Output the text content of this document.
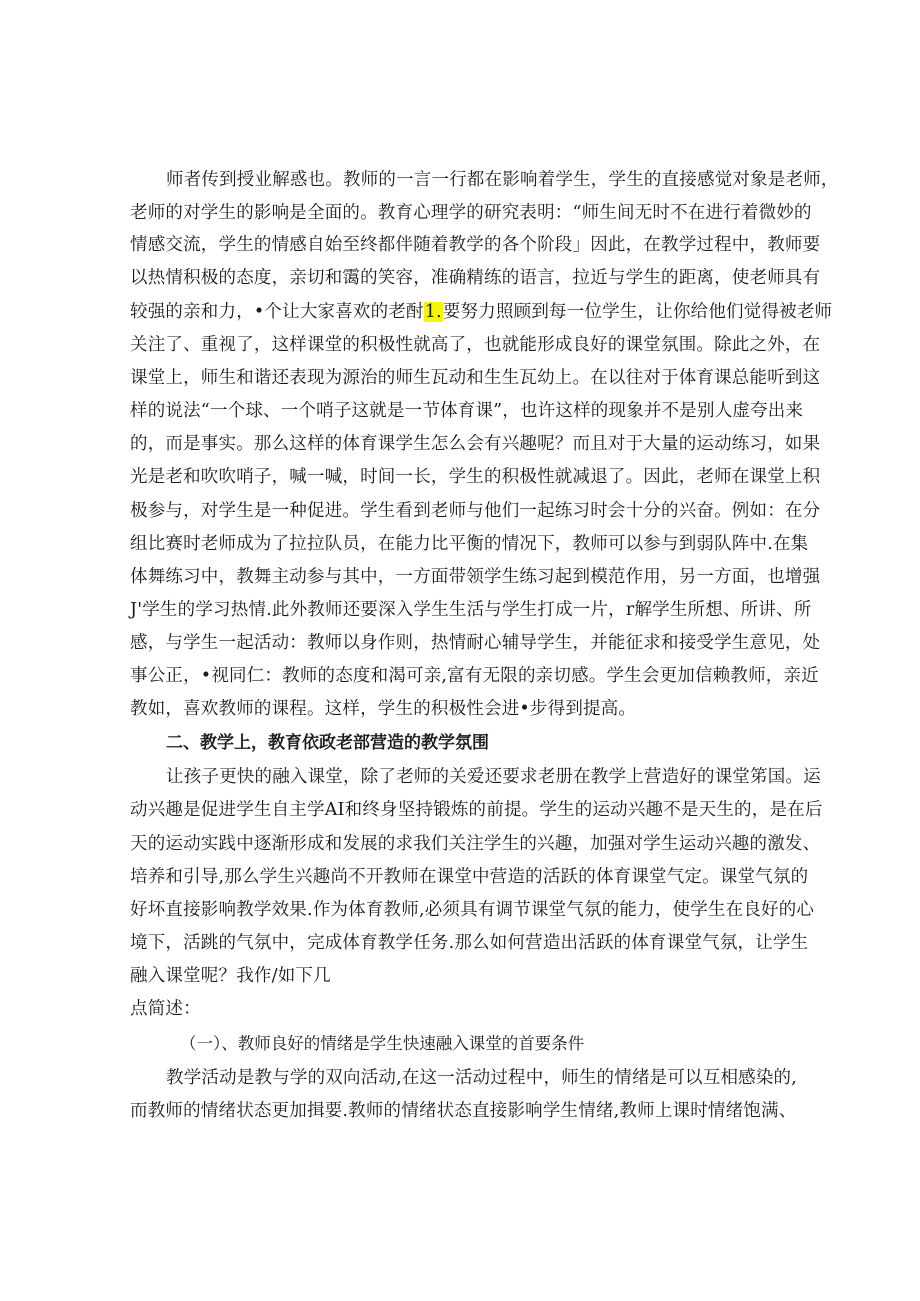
师者传到授业解惑也。教师的一言一行都在影响着学生，学生的直接感觉对象是老师，
老师的对学生的影响是全面的。教育心理学的研究表明：“师生间无时不在进行着微妙的
情感交流，学生的情感自始至终都伴随着教学的各个阶段」因此，在教学过程中，教师要
以热情积极的态度，亲切和霭的笑容，准确精练的语言，拉近与学生的距离，使老师具有
较强的亲和力，•个让大家喜欢的老酎1.要努力照顾到每一位学生，让你给他们觉得被老师
关注了、重视了，这样课堂的积极性就高了，也就能形成良好的课堂氛围。除此之外，在
课堂上，师生和谐还表现为源治的师生瓦动和生生瓦幼上。在以往对于体育课总能听到这
样的说法“一个球、一个哨子这就是一节体育课”，也许这样的现象并不是别人虚夸出来
的，而是事实。那么这样的体育课学生怎么会有兴趣呢？而且对于大量的运动练习，如果
光是老和吹吹哨子，喊一喊，时间一长，学生的积极性就减退了。因此，老师在课堂上积
极参与，对学生是一种促进。学生看到老师与他们一起练习时会十分的兴奋。例如：在分
组比赛时老师成为了拉拉队员，在能力比平衡的情况下，教师可以参与到弱队阵中.在集
体舞练习中，教舞主动参与其中，一方面带领学生练习起到模范作用，另一方面，也增强
J'学生的学习热情.此外教师还要深入学生生活与学生打成一片，r解学生所想、所讲、所
感，与学生一起活动：教师以身作则，热情耐心辅导学生，并能征求和接受学生意见，处
事公正，•视同仁：教师的态度和渴可亲,富有无限的亲切感。学生会更加信赖教师，亲近
教如，喜欢教师的课程。这样，学生的积极性会进•步得到提高。
二、教学上，教育依政老部营造的教学氛围
让孩子更快的融入课堂，除了老师的关爱还要求老册在教学上营造好的课堂笫国。运
动兴趣是促进学生自主学AI和终身坚持锻炼的前提。学生的运动兴趣不是天生的，是在后
天的运动实践中逐渐形成和发展的求我们关注学生的兴趣，加强对学生运动兴趣的激发、
培养和引导,那么学生兴趣尚不开教师在课堂中营造的活跃的体育课堂气定。课堂气氛的
好坏直接影响教学效果.作为体育教师,必须具有调节课堂气氛的能力，使学生在良好的心
境下，活跳的气氛中，完成体育教学任务.那么如何营造出活跃的体育课堂气氛，让学生
融入课堂呢？我作/如下几
点简述：
（一）、教师良好的情绪是学生快速融入课堂的首要条件
教学活动是教与学的双向活动,在这一活动过程中，师生的情绪是可以互相感染的,
而教师的情绪状态更加揖要.教师的情绪状态直接影响学生情绪,教师上课时情绪饱满、
